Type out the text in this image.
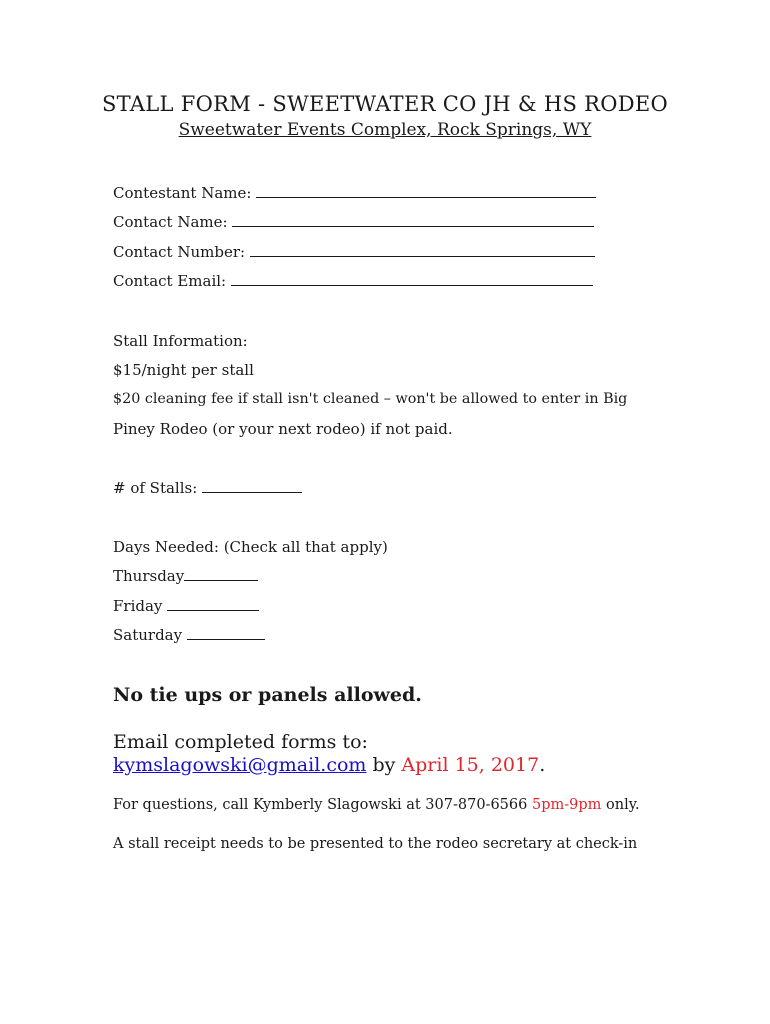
STALL FORM - SWEETWATER CO JH & HS RODEO
Sweetwater Events Complex, Rock Springs, WY
Contestant Name:
Contact Name:
Contact Number:
Contact Email:
Stall Information:
$15/night per stall
$20 cleaning fee if stall isn't cleaned – won't be allowed to enter in Big
Piney Rodeo (or your next rodeo) if not paid.
# of Stalls:
Days Needed: (Check all that apply)
Thursday
Friday
Saturday
No tie ups or panels allowed.
Email completed forms to:
kymslagowski@gmail.com by April 15, 2017.
For questions, call Kymberly Slagowski at 307-870-6566 5pm-9pm only.
A stall receipt needs to be presented to the rodeo secretary at check-in
